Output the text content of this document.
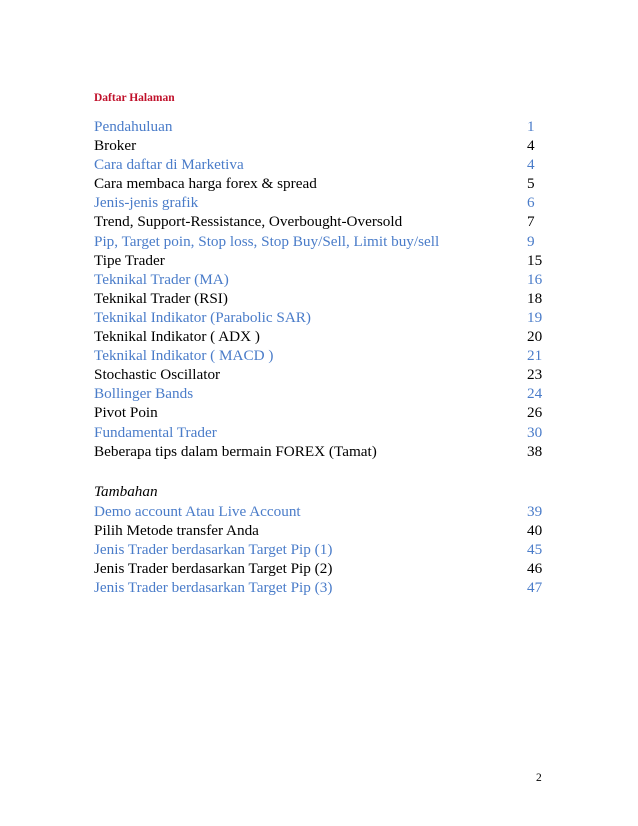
Daftar Halaman
Pendahuluan	1
Broker	4
Cara daftar di Marketiva	4
Cara membaca harga forex & spread	5
Jenis-jenis grafik	6
Trend, Support-Ressistance, Overbought-Oversold	7
Pip, Target poin, Stop loss, Stop Buy/Sell, Limit buy/sell	9
Tipe Trader	15
Teknikal Trader (MA)	16
Teknikal Trader (RSI)	18
Teknikal Indikator (Parabolic SAR)	19
Teknikal Indikator ( ADX )	20
Teknikal Indikator ( MACD )	21
Stochastic Oscillator	23
Bollinger Bands	24
Pivot Poin	26
Fundamental Trader	30
Beberapa tips dalam bermain FOREX (Tamat)	38
Tambahan
Demo account Atau Live Account	39
Pilih Metode transfer Anda	40
Jenis Trader berdasarkan Target Pip (1)	45
Jenis Trader berdasarkan Target Pip (2)	46
Jenis Trader berdasarkan Target Pip (3)	47
2
